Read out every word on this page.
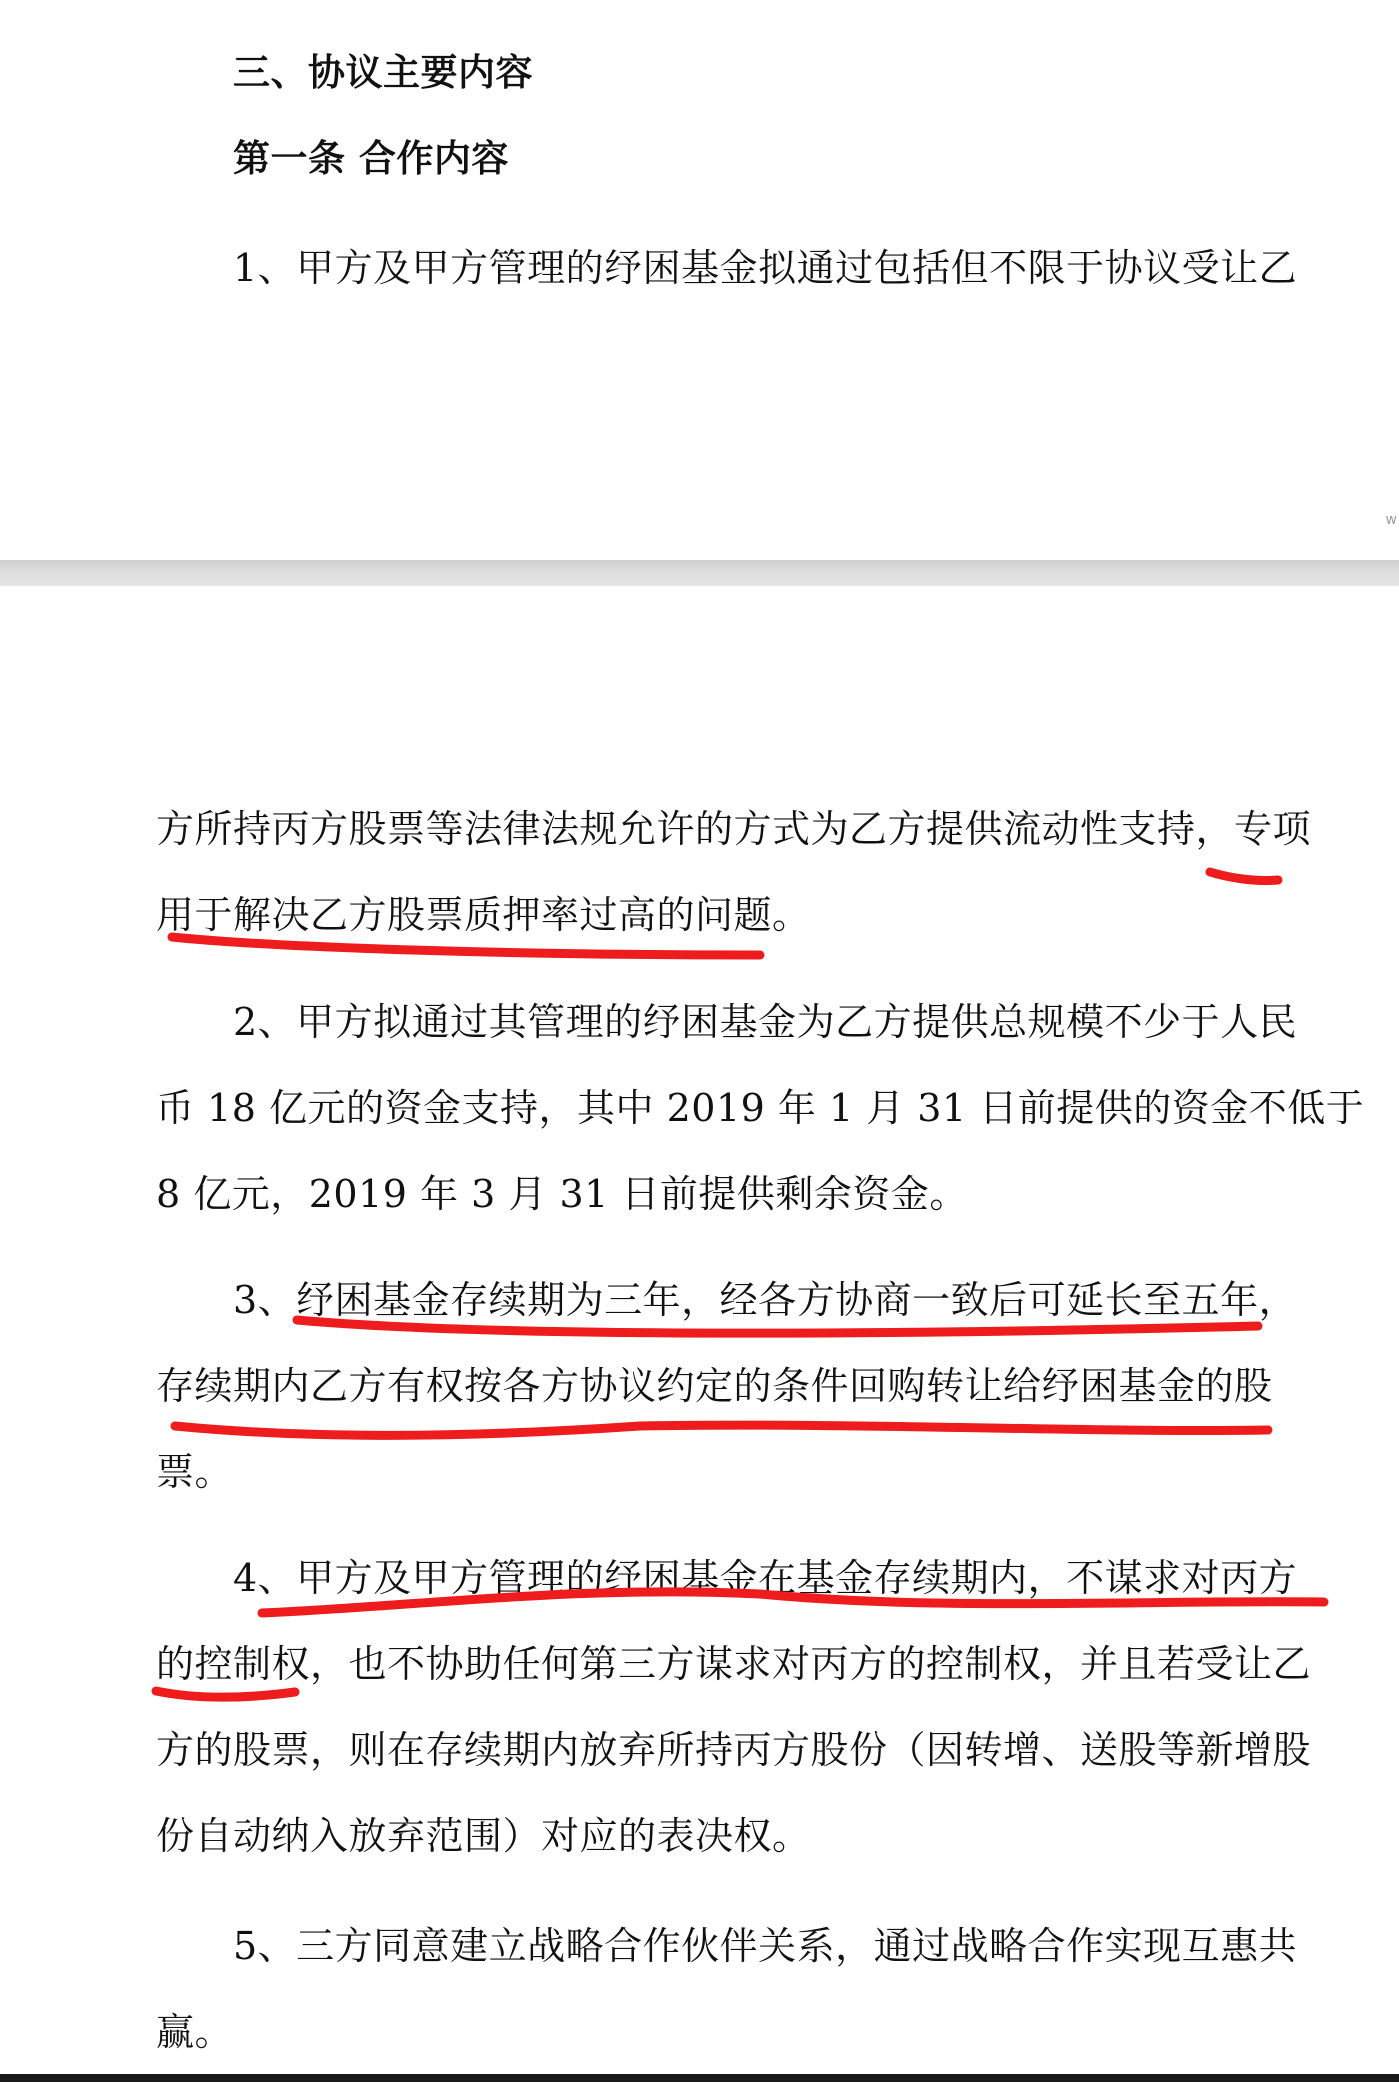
三、协议主要内容
第一条 合作内容
1、甲方及甲方管理的纾困基金拟通过包括但不限于协议受让乙
w
方所持丙方股票等法律法规允许的方式为乙方提供流动性支持，专项
用于解决乙方股票质押率过高的问题。
2、甲方拟通过其管理的纾困基金为乙方提供总规模不少于人民
币 18 亿元的资金支持，其中 2019 年 1 月 31 日前提供的资金不低于
8 亿元，2019 年 3 月 31 日前提供剩余资金。
3、纾困基金存续期为三年，经各方协商一致后可延长至五年，
存续期内乙方有权按各方协议约定的条件回购转让给纾困基金的股
票。
4、甲方及甲方管理的纾困基金在基金存续期内，不谋求对丙方
的控制权，也不协助任何第三方谋求对丙方的控制权，并且若受让乙
方的股票，则在存续期内放弃所持丙方股份（因转增、送股等新增股
份自动纳入放弃范围）对应的表决权。
5、三方同意建立战略合作伙伴关系，通过战略合作实现互惠共
赢。
